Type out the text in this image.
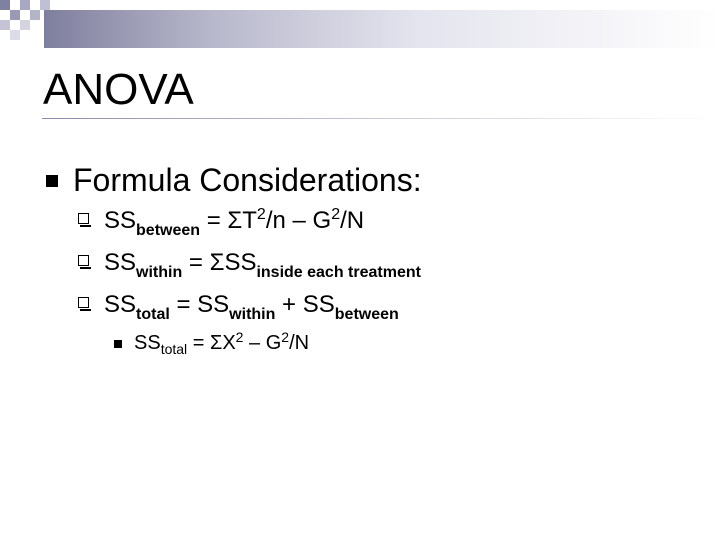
ANOVA
Formula Considerations:
$SS_{between} = \Sigma T^2/n - G^2/N$
$SS_{within} = \Sigma SS_{inside each treatment}$
$SS_{total} = SS_{within} + SS_{between}$
$SS_{total} = \Sigma X^2 - G^2/N$
